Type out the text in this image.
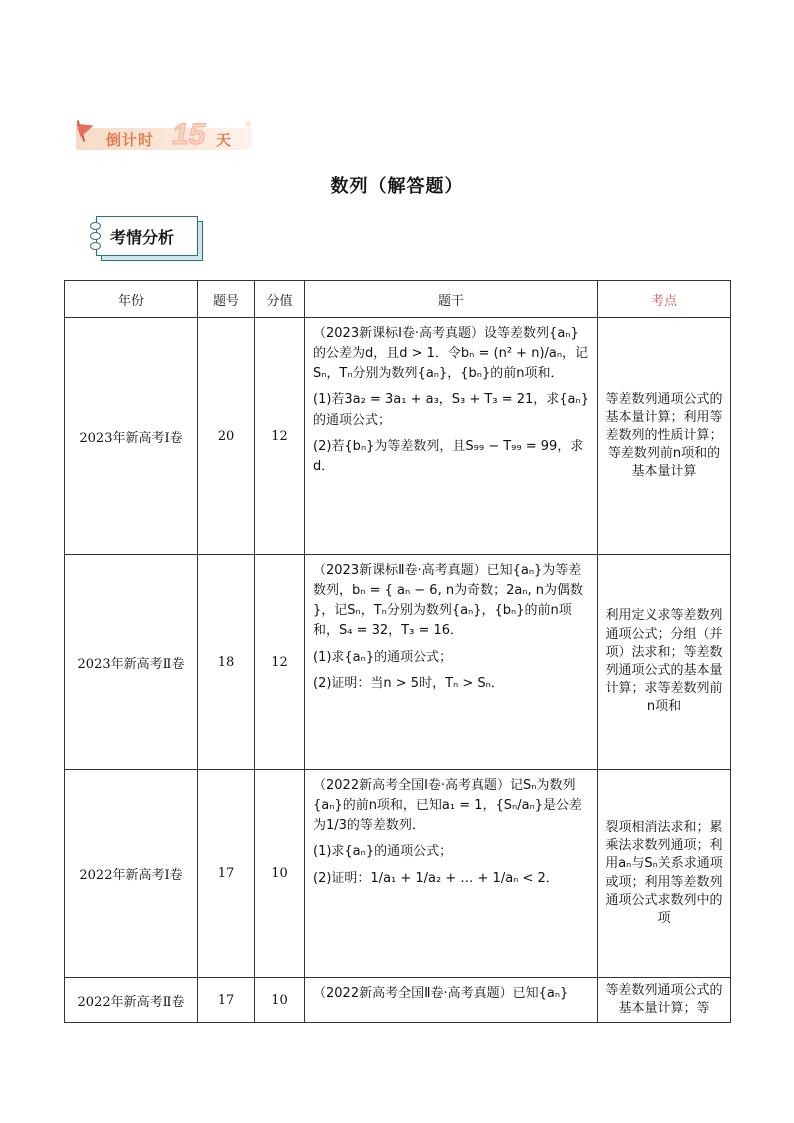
倒计时 15 天
✧
数列（解答题）
考情分析
年份	题号	分值	题干	考点
2023年新高考Ⅰ卷	20	12	（2023新课标Ⅰ卷·高考真题）设等差数列{aₙ}的公差为d，且d > 1．令bₙ = (n² + n)/aₙ，记Sₙ，Tₙ分别为数列{aₙ}，{bₙ}的前n项和．

(1)若3a₂ = 3a₁ + a₃，S₃ + T₃ = 21，求{aₙ}的通项公式；

(2)若{bₙ}为等差数列，且S₉₉ − T₉₉ = 99，求d．	等差数列通项公式的基本量计算；利用等差数列的性质计算；等差数列前n项和的基本量计算
2023年新高考Ⅱ卷	18	12	（2023新课标Ⅱ卷·高考真题）已知{aₙ}为等差数列，bₙ = { aₙ − 6, n为奇数；2aₙ, n为偶数 }，记Sₙ，Tₙ分别为数列{aₙ}，{bₙ}的前n项和，S₄ = 32，T₃ = 16．

(1)求{aₙ}的通项公式；

(2)证明：当n > 5时，Tₙ > Sₙ．	利用定义求等差数列通项公式；分组（并项）法求和；等差数列通项公式的基本量计算；求等差数列前n项和
2022年新高考Ⅰ卷	17	10	（2022新高考全国Ⅰ卷·高考真题）记Sₙ为数列{aₙ}的前n项和，已知a₁ = 1，{Sₙ/aₙ}是公差为1/3的等差数列．

(1)求{aₙ}的通项公式；

(2)证明：1/a₁ + 1/a₂ + … + 1/aₙ < 2．	裂项相消法求和；累乘法求数列通项；利用aₙ与Sₙ关系求通项或项；利用等差数列通项公式求数列中的项
2022年新高考Ⅱ卷	17	10	（2022新高考全国Ⅱ卷·高考真题）已知{aₙ}	等差数列通项公式的基本量计算；等
